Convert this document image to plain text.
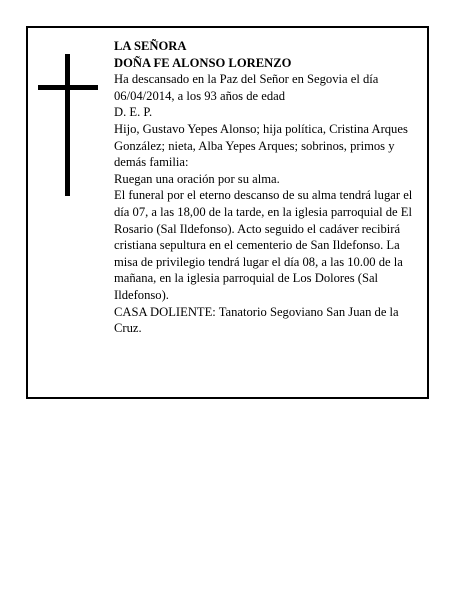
LA SEÑORA

DOÑA FE ALONSO LORENZO

Ha descansado en la Paz del Señor en Segovia el día 06/04/2014, a los 93 años de edad

D. E. P.

Hijo, Gustavo Yepes Alonso; hija política, Cristina Arques González; nieta, Alba Yepes Arques; sobrinos, primos y demás familia:

Ruegan una oración por su alma.

El funeral por el eterno descanso de su alma tendrá lugar el día 07, a las 18,00 de la tarde, en la iglesia parroquial de El Rosario (Sal Ildefonso). Acto seguido el cadáver recibirá cristiana sepultura en el cementerio de San Ildefonso. La misa de privilegio tendrá lugar el día 08, a las 10.00 de la mañana, en la iglesia parroquial de Los Dolores (Sal Ildefonso).

CASA DOLIENTE: Tanatorio Segoviano San Juan de la Cruz.
